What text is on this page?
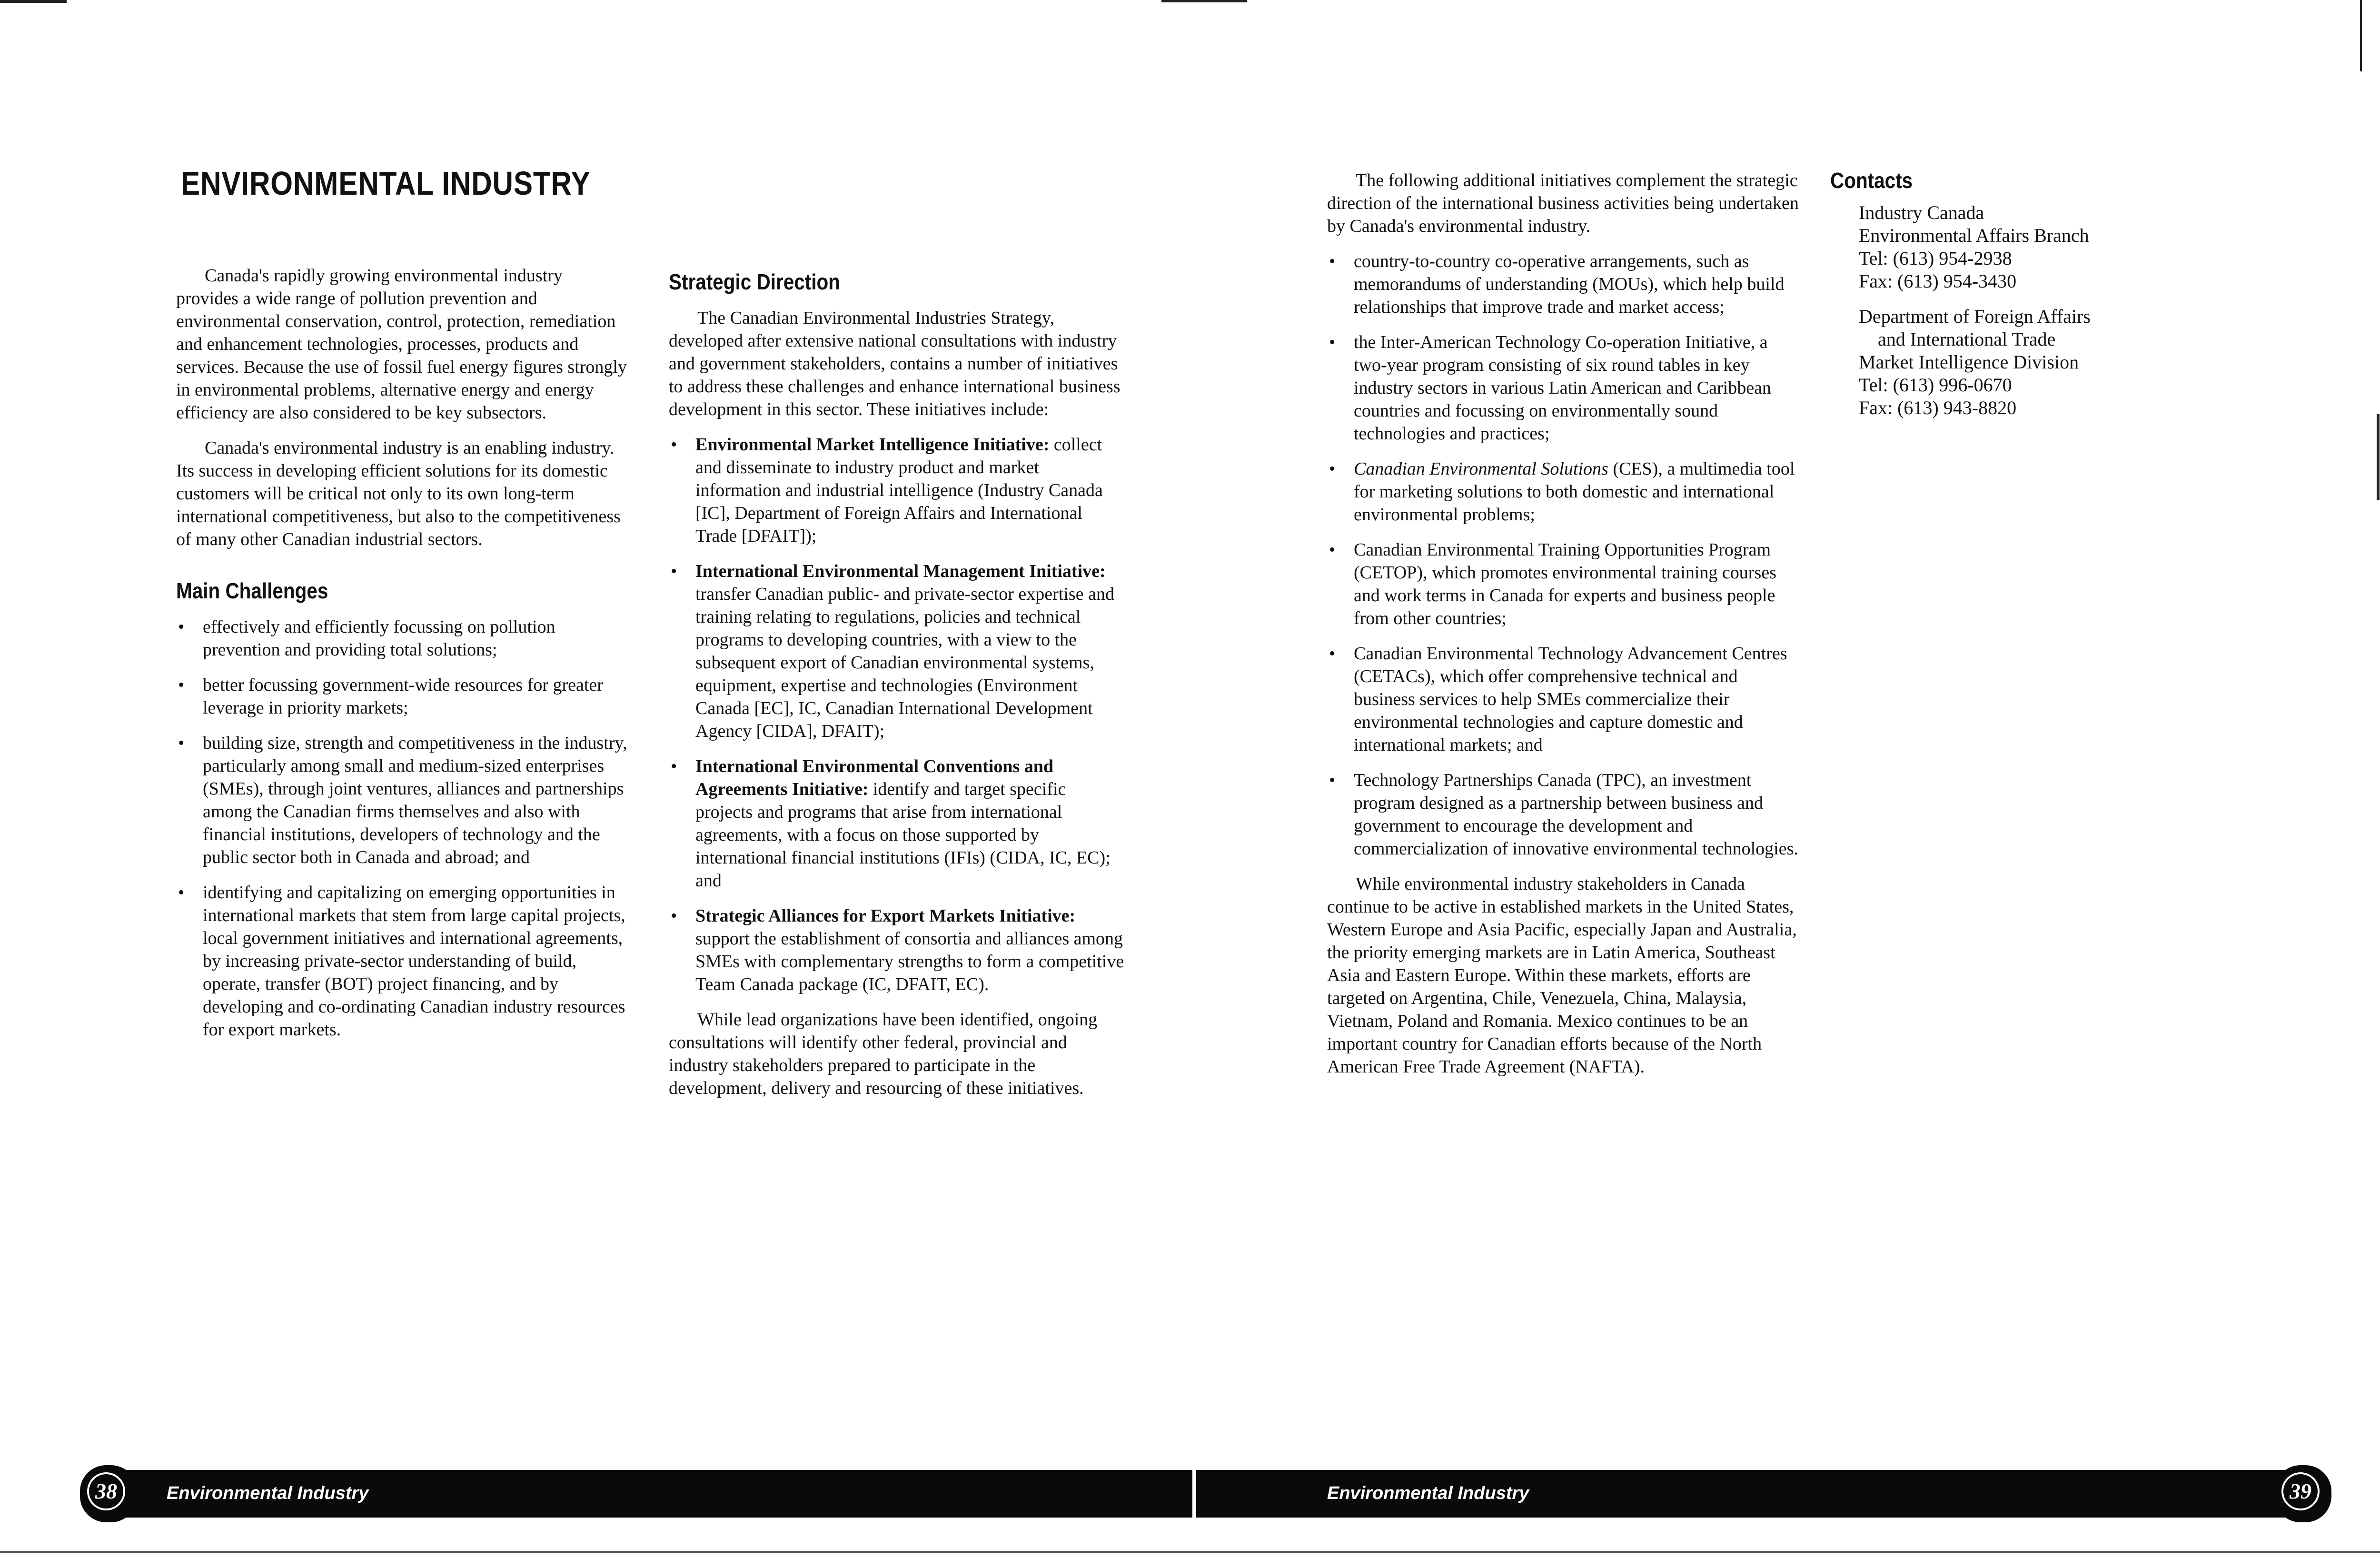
ENVIRONMENTAL INDUSTRY

Canada's rapidly growing environmental industry provides a wide range of pollution prevention and environmental conservation, control, protection, remediation and enhancement technologies, processes, products and services. Because the use of fossil fuel energy figures strongly in environmental problems, alternative energy and energy efficiency are also considered to be key subsectors.

Canada's environmental industry is an enabling industry. Its success in developing efficient solutions for its domestic customers will be critical not only to its own long-term international competitiveness, but also to the competitiveness of many other Canadian industrial sectors.

Main Challenges
• effectively and efficiently focussing on pollution prevention and providing total solutions;
• better focussing government-wide resources for greater leverage in priority markets;
• building size, strength and competitiveness in the industry, particularly among small and medium-sized enterprises (SMEs), through joint ventures, alliances and partnerships among the Canadian firms themselves and also with financial institutions, developers of technology and the public sector both in Canada and abroad; and
• identifying and capitalizing on emerging opportunities in international markets that stem from large capital projects, local government initiatives and international agreements, by increasing private-sector understanding of build, operate, transfer (BOT) project financing, and by developing and co-ordinating Canadian industry resources for export markets.
Strategic Direction

The Canadian Environmental Industries Strategy, developed after extensive national consultations with industry and government stakeholders, contains a number of initiatives to address these challenges and enhance international business development in this sector. These initiatives include:

• Environmental Market Intelligence Initiative: collect and disseminate to industry product and market information and industrial intelligence (Industry Canada [IC], Department of Foreign Affairs and International Trade [DFAIT]);
• International Environmental Management Initiative: transfer Canadian public- and private-sector expertise and training relating to regulations, policies and technical programs to developing countries, with a view to the subsequent export of Canadian environmental systems, equipment, expertise and technologies (Environment Canada [EC], IC, Canadian International Development Agency [CIDA], DFAIT);
• International Environmental Conventions and Agreements Initiative: identify and target specific projects and programs that arise from international agreements, with a focus on those supported by international financial institutions (IFIs) (CIDA, IC, EC); and
• Strategic Alliances for Export Markets Initiative: support the establishment of consortia and alliances among SMEs with complementary strengths to form a competitive Team Canada package (IC, DFAIT, EC).

While lead organizations have been identified, ongoing consultations will identify other federal, provincial and industry stakeholders prepared to participate in the development, delivery and resourcing of these initiatives.

Environmental Industry
38

The following additional initiatives complement the strategic direction of the international business activities being undertaken by Canada's environmental industry.

• country-to-country co-operative arrangements, such as memorandums of understanding (MOUs), which help build relationships that improve trade and market access;
• the Inter-American Technology Co-operation Initiative, a two-year program consisting of six round tables in key industry sectors in various Latin American and Caribbean countries and focussing on environmentally sound technologies and practices;
• Canadian Environmental Solutions (CES), a multimedia tool for marketing solutions to both domestic and international environmental problems;
• Canadian Environmental Training Opportunities Program (CETOP), which promotes environmental training courses and work terms in Canada for experts and business people from other countries;
• Canadian Environmental Technology Advancement Centres (CETACs), which offer comprehensive technical and business services to help SMEs commercialize their environmental technologies and capture domestic and international markets; and
• Technology Partnerships Canada (TPC), an investment program designed as a partnership between business and government to encourage the development and commercialization of innovative environmental technologies.

While environmental industry stakeholders in Canada continue to be active in established markets in the United States, Western Europe and Asia Pacific, especially Japan and Australia, the priority emerging markets are in Latin America, Southeast Asia and Eastern Europe. Within these markets, efforts are targeted on Argentina, Chile, Venezuela, China, Malaysia, Vietnam, Poland and Romania. Mexico continues to be an important country for Canadian efforts because of the North American Free Trade Agreement (NAFTA).

Contacts
Industry Canada
Environmental Affairs Branch
Tel: (613) 954-2938
Fax: (613) 954-3430
Department of Foreign Affairs
and International Trade
Market Intelligence Division
Tel: (613) 996-0670
Fax: (613) 943-8820
Environmental Industry	39
